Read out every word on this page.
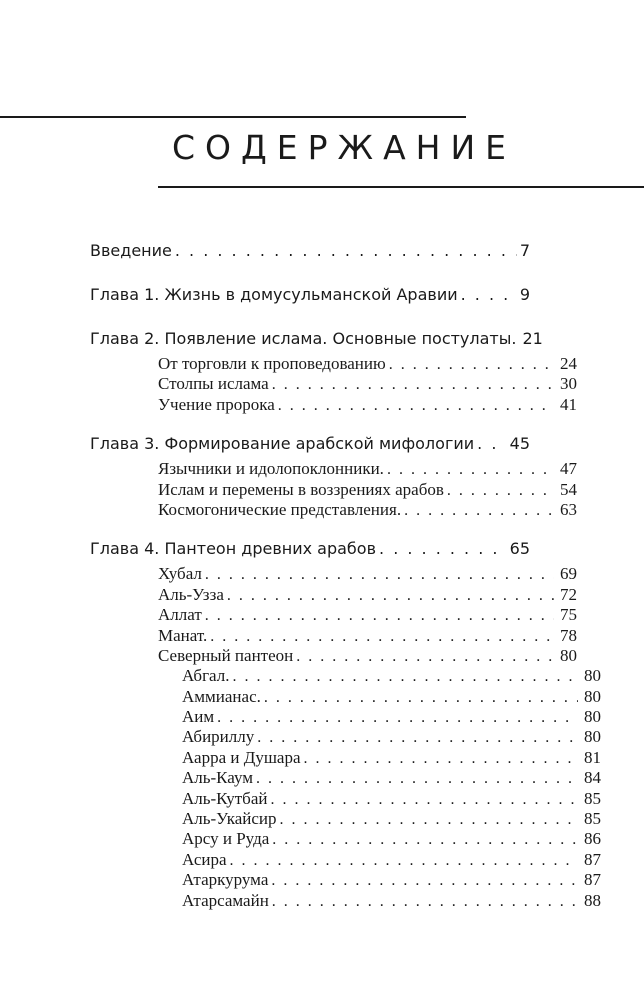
СОДЕРЖАНИЕ
Введение . . .	7
Глава 1. Жизнь в домусульманской Аравии . . .	9
Глава 2. Появление ислама. Основные постулаты. 21
От торговли к проповедованию . . .	24
Столпы ислама . . .	30
Учение пророка . . .	41
Глава 3. Формирование арабской мифологии . . . 45
Язычники и идолопоклонники. . . .	47
Ислам и перемены в воззрениях арабов . . .	54
Космогонические представления. . . .	63
Глава 4. Пантеон древних арабов . . .	65
Хубал . . .	69
Аль-Узза . . .	72
Аллат . . .	75
Манат. . . .	78
Северный пантеон . . .	80
Абгал. . . .	80
Аммианас. . . .	80
Аим . . .	80
Абириллу . . .	80
Аарра и Душара . . .	81
Аль-Каум . . .	84
Аль-Кутбай . . .	85
Аль-Укайсир . . .	85
Арсу и Руда . . .	86
Асира . . .	87
Атаркурума . . .	87
Атарсамайн . . .	88
